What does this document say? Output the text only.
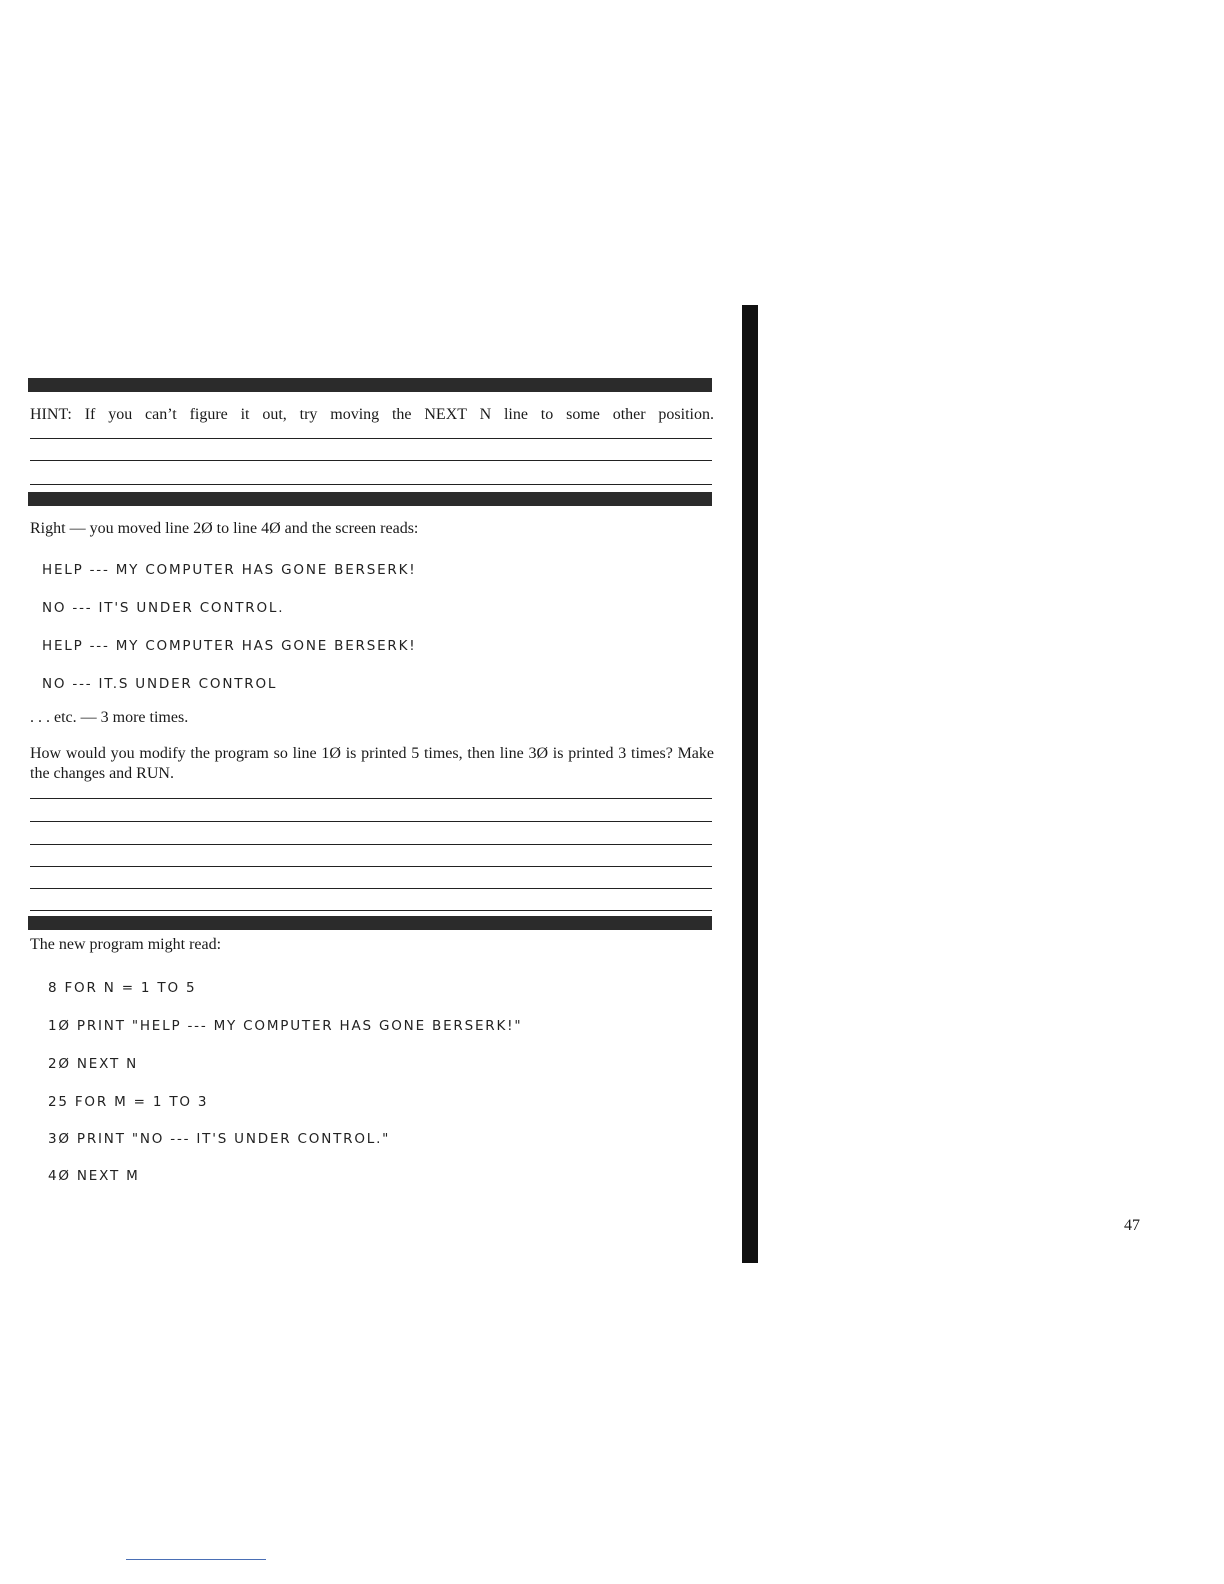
HINT: If you can’t figure it out, try moving the NEXT N line to some other position.
Right — you moved line 2Ø to line 4Ø and the screen reads:
HELP --- MY COMPUTER HAS GONE BERSERK!
NO --- IT'S UNDER CONTROL.
HELP --- MY COMPUTER HAS GONE BERSERK!
NO --- IT.S UNDER CONTROL
. . . etc. — 3 more times.
How would you modify the program so line 1Ø is printed 5 times, then line 3Ø is printed 3 times? Make the changes and RUN.
The new program might read:
8 FOR N = 1 TO 5
1Ø PRINT "HELP --- MY COMPUTER HAS GONE BERSERK!"
2Ø NEXT N
25 FOR M = 1 TO 3
3Ø PRINT "NO --- IT'S UNDER CONTROL."
4Ø NEXT M
47
